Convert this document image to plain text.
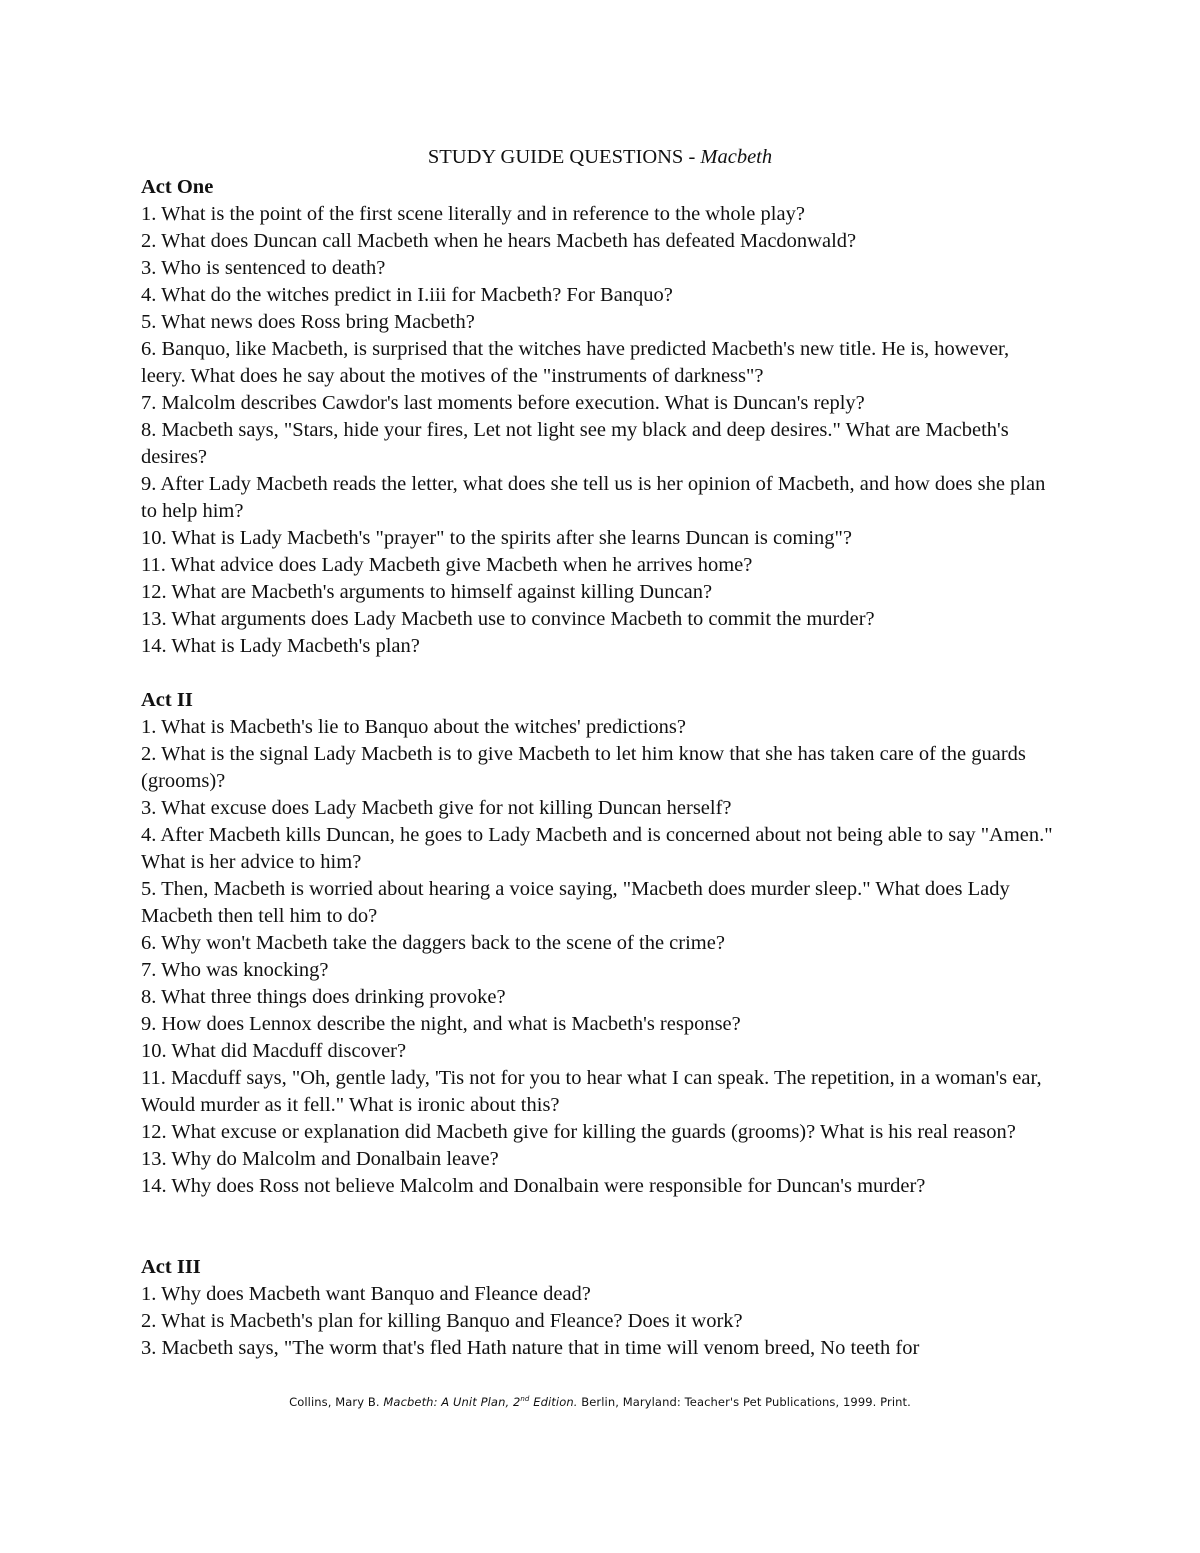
STUDY GUIDE QUESTIONS - Macbeth
Act One
1. What is the point of the first scene literally and in reference to the whole play?
2. What does Duncan call Macbeth when he hears Macbeth has defeated Macdonwald?
3. Who is sentenced to death?
4. What do the witches predict in I.iii for Macbeth? For Banquo?
5. What news does Ross bring Macbeth?
6. Banquo, like Macbeth, is surprised that the witches have predicted Macbeth's new title. He is, however, leery. What does he say about the motives of the "instruments of darkness"?
7. Malcolm describes Cawdor's last moments before execution. What is Duncan's reply?
8. Macbeth says, "Stars, hide your fires, Let not light see my black and deep desires." What are Macbeth's desires?
9. After Lady Macbeth reads the letter, what does she tell us is her opinion of Macbeth, and how does she plan to help him?
10. What is Lady Macbeth's "prayer" to the spirits after she learns Duncan is coming"?
11. What advice does Lady Macbeth give Macbeth when he arrives home?
12. What are Macbeth's arguments to himself against killing Duncan?
13. What arguments does Lady Macbeth use to convince Macbeth to commit the murder?
14. What is Lady Macbeth's plan?
Act II
1. What is Macbeth's lie to Banquo about the witches' predictions?
2. What is the signal Lady Macbeth is to give Macbeth to let him know that she has taken care of the guards (grooms)?
3. What excuse does Lady Macbeth give for not killing Duncan herself?
4. After Macbeth kills Duncan, he goes to Lady Macbeth and is concerned about not being able to say "Amen." What is her advice to him?
5. Then, Macbeth is worried about hearing a voice saying, "Macbeth does murder sleep." What does Lady Macbeth then tell him to do?
6. Why won't Macbeth take the daggers back to the scene of the crime?
7. Who was knocking?
8. What three things does drinking provoke?
9. How does Lennox describe the night, and what is Macbeth's response?
10. What did Macduff discover?
11. Macduff says, "Oh, gentle lady, 'Tis not for you to hear what I can speak. The repetition, in a woman's ear, Would murder as it fell." What is ironic about this?
12. What excuse or explanation did Macbeth give for killing the guards (grooms)? What is his real reason?
13. Why do Malcolm and Donalbain leave?
14. Why does Ross not believe Malcolm and Donalbain were responsible for Duncan's murder?
Act III
1. Why does Macbeth want Banquo and Fleance dead?
2. What is Macbeth's plan for killing Banquo and Fleance? Does it work?
3. Macbeth says, "The worm that's fled Hath nature that in time will venom breed, No teeth for
Collins, Mary B. Macbeth: A Unit Plan, 2nd Edition. Berlin, Maryland: Teacher's Pet Publications, 1999. Print.
